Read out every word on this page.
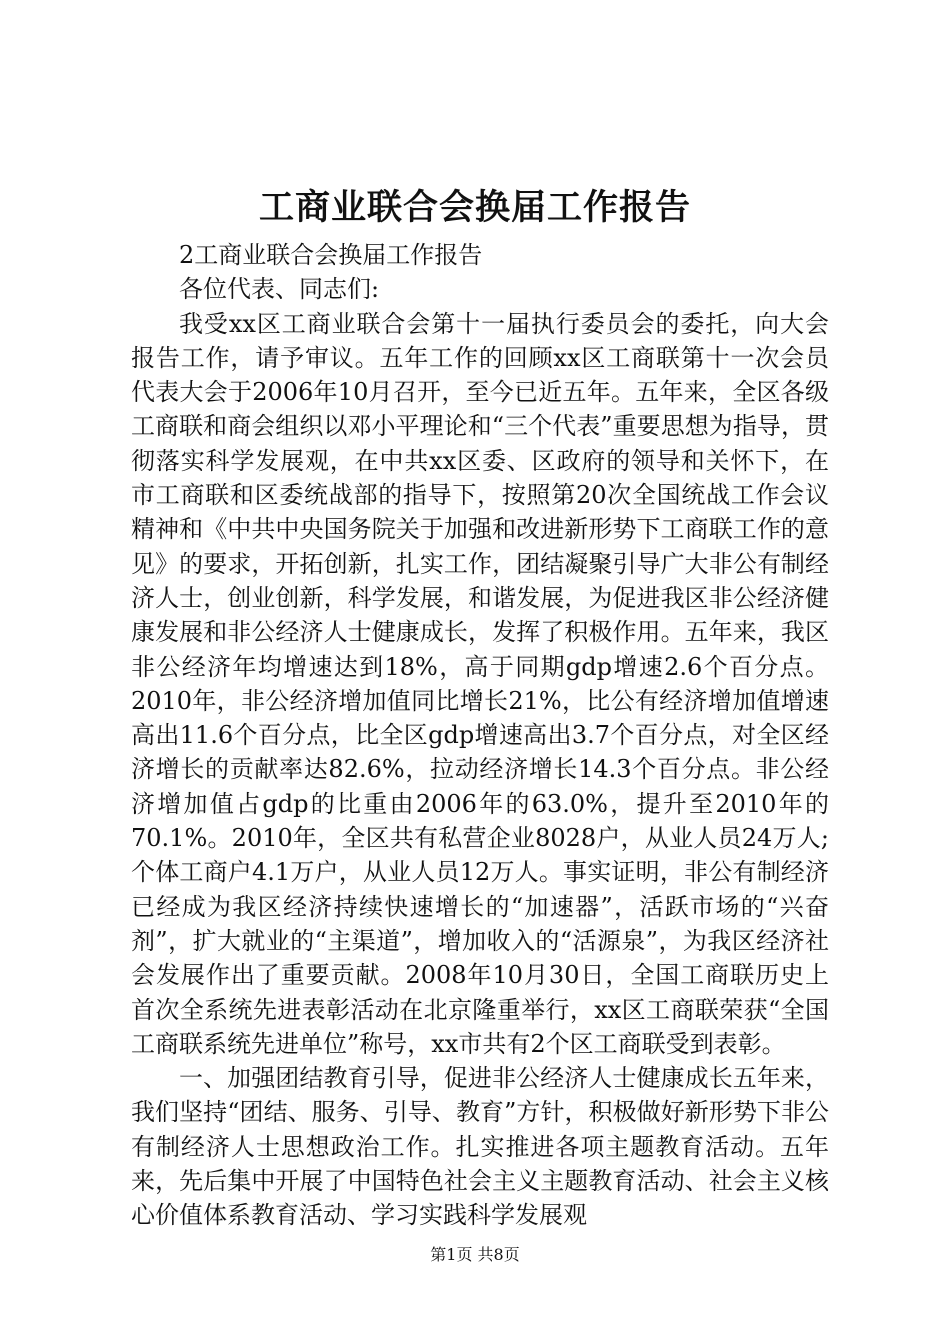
工商业联合会换届工作报告

2工商业联合会换届工作报告

各位代表、同志们:

我受xx区工商业联合会第十一届执行委员会的委托，向大会报告工作，请予审议。五年工作的回顾xx区工商联第十一次会员代表大会于2006年10月召开，至今已近五年。五年来，全区各级工商联和商会组织以邓小平理论和“三个代表”重要思想为指导，贯彻落实科学发展观，在中共xx区委、区政府的领导和关怀下，在市工商联和区委统战部的指导下，按照第20次全国统战工作会议精神和《中共中央国务院关于加强和改进新形势下工商联工作的意见》的要求，开拓创新，扎实工作，团结凝聚引导广大非公有制经济人士，创业创新，科学发展，和谐发展，为促进我区非公经济健康发展和非公经济人士健康成长，发挥了积极作用。五年来，我区非公经济年均增速达到18%，高于同期gdp增速2.6个百分点。2010年，非公经济增加值同比增长21%，比公有经济增加值增速高出11.6个百分点，比全区gdp增速高出3.7个百分点，对全区经济增长的贡献率达82.6%，拉动经济增长14.3个百分点。非公经济增加值占gdp的比重由2006年的63.0%，提升至2010年的70.1%。2010年，全区共有私营企业8028户，从业人员24万人;个体工商户4.1万户，从业人员12万人。事实证明，非公有制经济已经成为我区经济持续快速增长的“加速器”，活跃市场的“兴奋剂”，扩大就业的“主渠道”，增加收入的“活源泉”，为我区经济社会发展作出了重要贡献。2008年10月30日，全国工商联历史上首次全系统先进表彰活动在北京隆重举行，xx区工商联荣获“全国工商联系统先进单位”称号，xx市共有2个区工商联受到表彰。

一、加强团结教育引导，促进非公经济人士健康成长五年来，我们坚持“团结、服务、引导、教育”方针，积极做好新形势下非公有制经济人士思想政治工作。扎实推进各项主题教育活动。五年来，先后集中开展了中国特色社会主义主题教育活动、社会主义核心价值体系教育活动、学习实践科学发展观

第1页 共8页
